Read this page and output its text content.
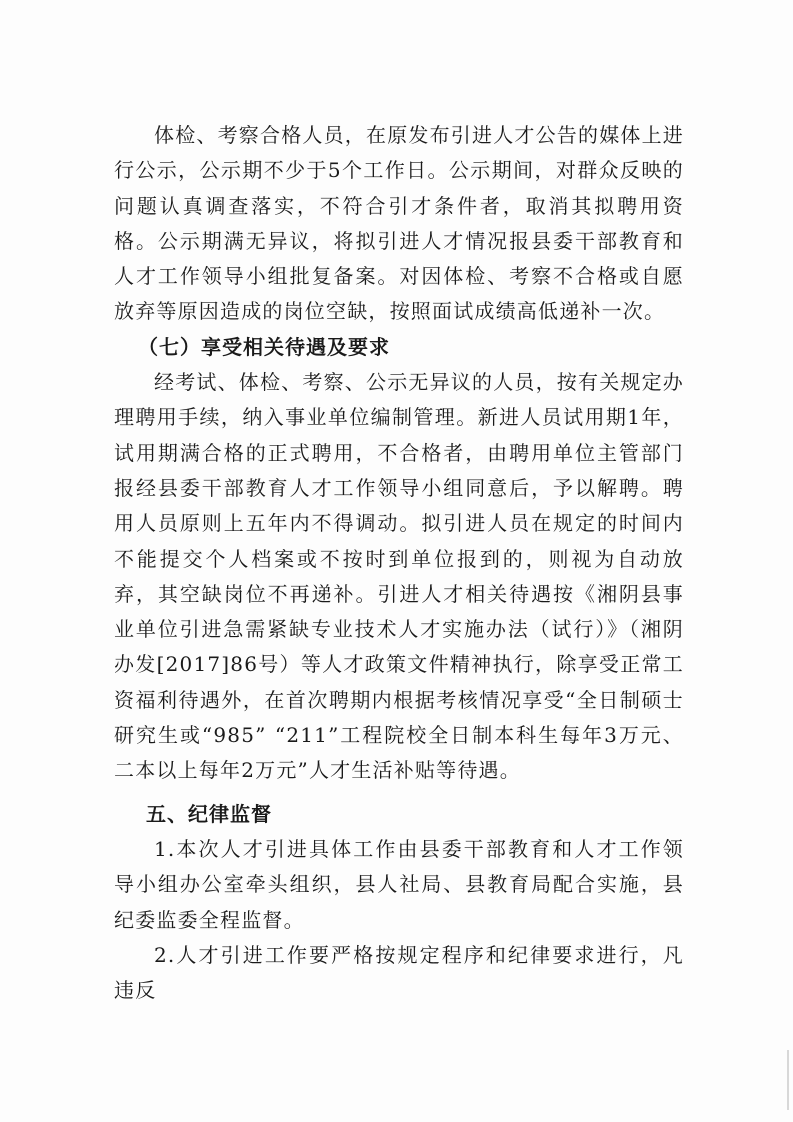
体检、考察合格人员，在原发布引进人才公告的媒体上进行公示，公示期不少于5个工作日。公示期间，对群众反映的问题认真调查落实，不符合引才条件者，取消其拟聘用资格。公示期满无异议，将拟引进人才情况报县委干部教育和人才工作领导小组批复备案。对因体检、考察不合格或自愿放弃等原因造成的岗位空缺，按照面试成绩高低递补一次。

（七）享受相关待遇及要求

经考试、体检、考察、公示无异议的人员，按有关规定办理聘用手续，纳入事业单位编制管理。新进人员试用期1年，试用期满合格的正式聘用，不合格者，由聘用单位主管部门报经县委干部教育人才工作领导小组同意后，予以解聘。聘用人员原则上五年内不得调动。拟引进人员在规定的时间内不能提交个人档案或不按时到单位报到的，则视为自动放弃，其空缺岗位不再递补。引进人才相关待遇按《湘阴县事业单位引进急需紧缺专业技术人才实施办法（试行）》（湘阴办发[2017]86号）等人才政策文件精神执行，除享受正常工资福利待遇外，在首次聘期内根据考核情况享受“全日制硕士研究生或“985” “211”工程院校全日制本科生每年3万元、二本以上每年2万元”人才生活补贴等待遇。

五、纪律监督

1.本次人才引进具体工作由县委干部教育和人才工作领导小组办公室牵头组织，县人社局、县教育局配合实施，县纪委监委全程监督。

2.人才引进工作要严格按规定程序和纪律要求进行，凡违反
